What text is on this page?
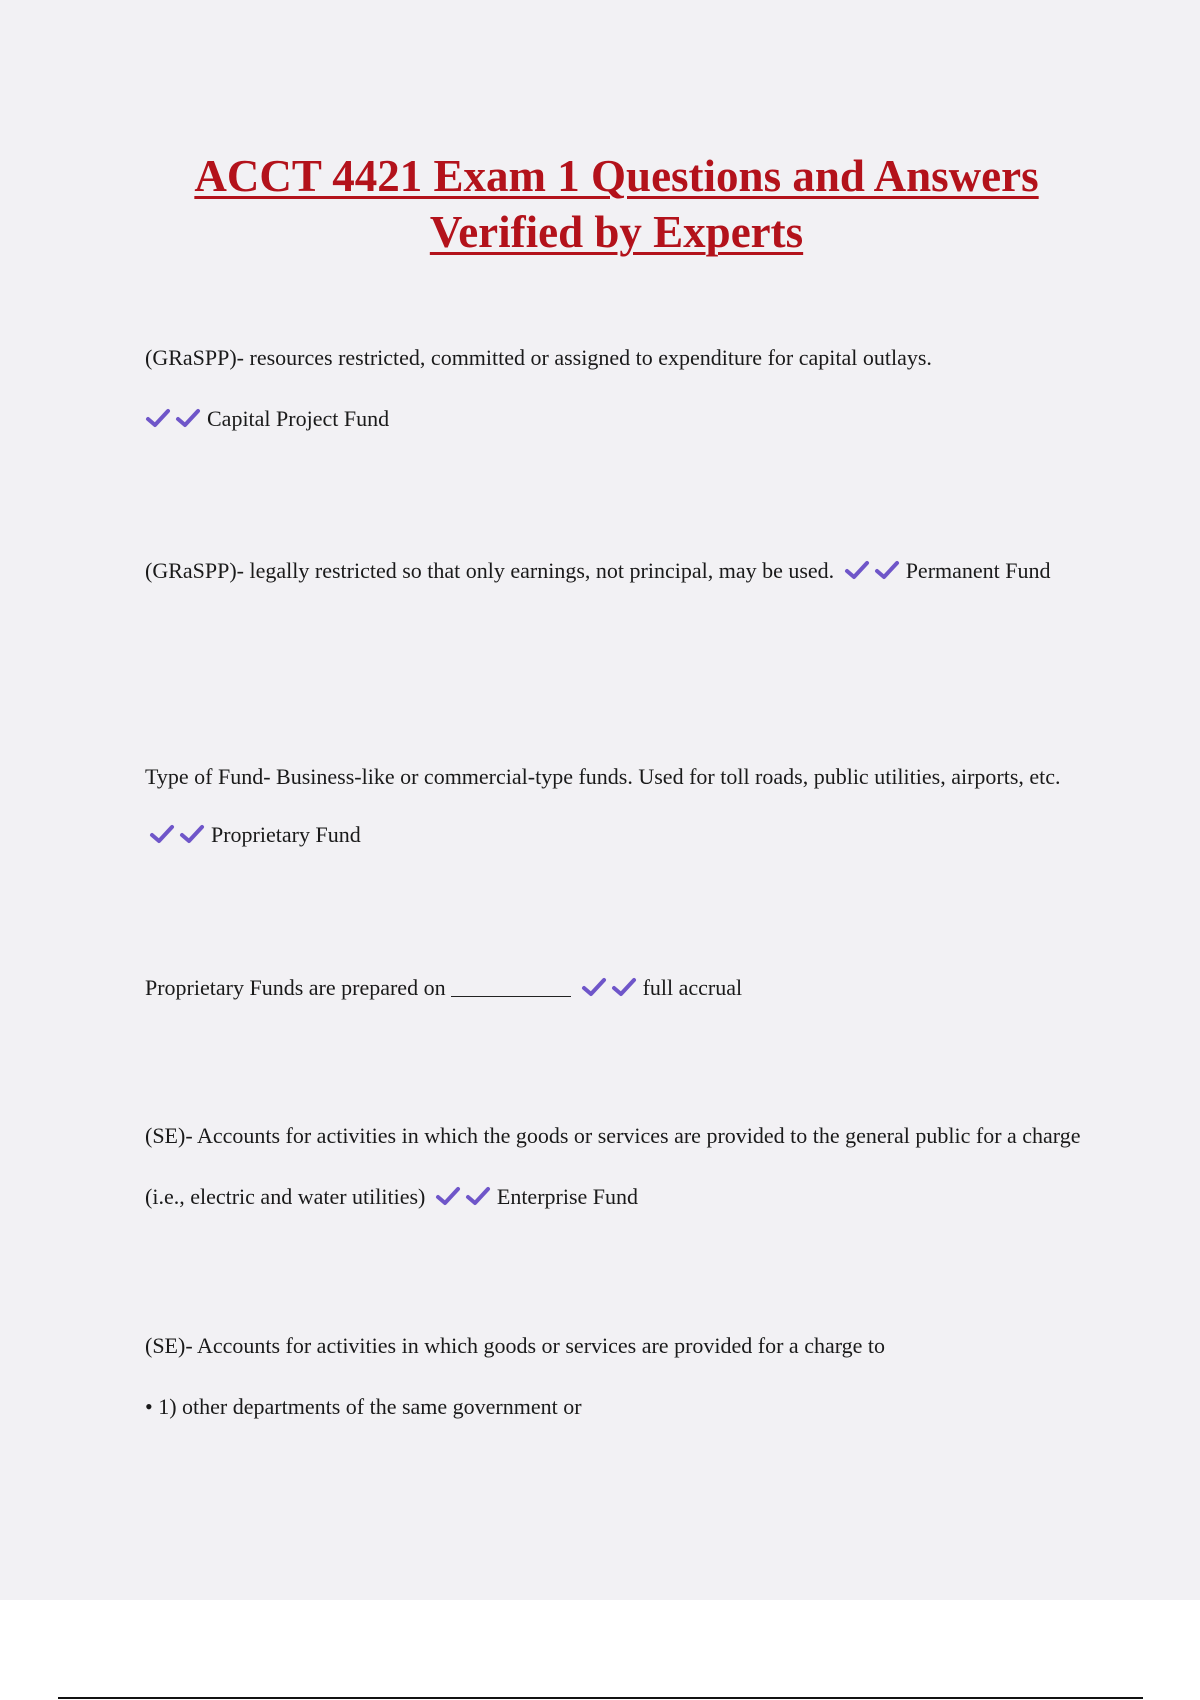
ACCT 4421 Exam 1 Questions and Answers Verified by Experts
(GRaSPP)- resources restricted, committed or assigned to expenditure for capital outlays.

Capital Project Fund
(GRaSPP)- legally restricted so that only earnings, not principal, may be used.	Permanent Fund
Type of Fund- Business-like or commercial-type funds. Used for toll roads, public utilities, airports, etc.
Proprietary Fund
Proprietary Funds are prepared on	full accrual
(SE)- Accounts for activities in which the goods or services are provided to the general public for a charge (i.e., electric and water utilities)	Enterprise Fund
(SE)- Accounts for activities in which goods or services are provided for a charge to
• 1) other departments of the same government or
